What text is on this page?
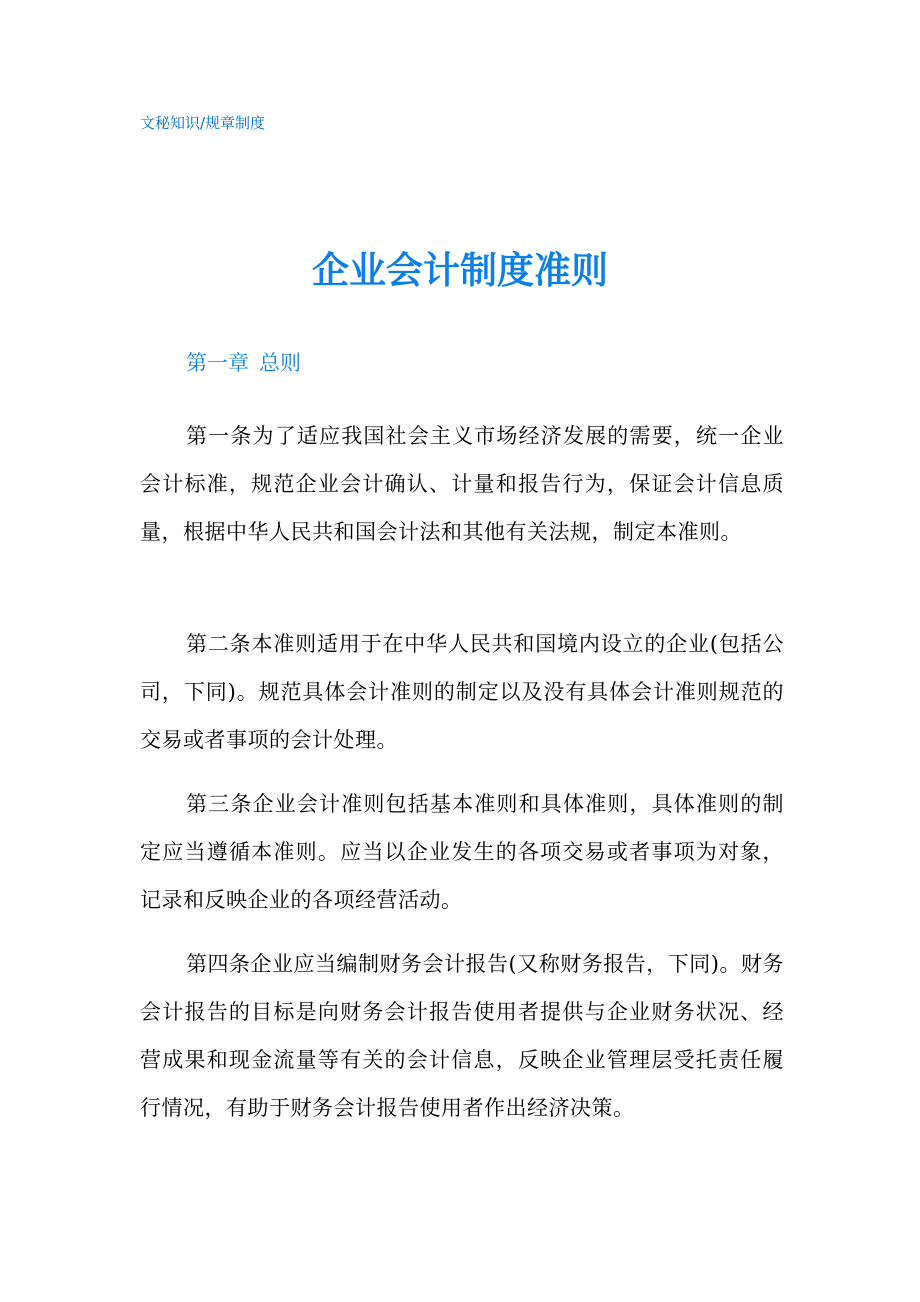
文秘知识/规章制度
企业会计制度准则
第一章 总则

第一条为了适应我国社会主义市场经济发展的需要，统一企业会计标准，规范企业会计确认、计量和报告行为，保证会计信息质量，根据中华人民共和国会计法和其他有关法规，制定本准则。

第二条本准则适用于在中华人民共和国境内设立的企业(包括公司，下同)。规范具体会计准则的制定以及没有具体会计准则规范的交易或者事项的会计处理。

第三条企业会计准则包括基本准则和具体准则，具体准则的制定应当遵循本准则。应当以企业发生的各项交易或者事项为对象，记录和反映企业的各项经营活动。

第四条企业应当编制财务会计报告(又称财务报告，下同)。财务会计报告的目标是向财务会计报告使用者提供与企业财务状况、经营成果和现金流量等有关的会计信息，反映企业管理层受托责任履行情况，有助于财务会计报告使用者作出经济决策。
